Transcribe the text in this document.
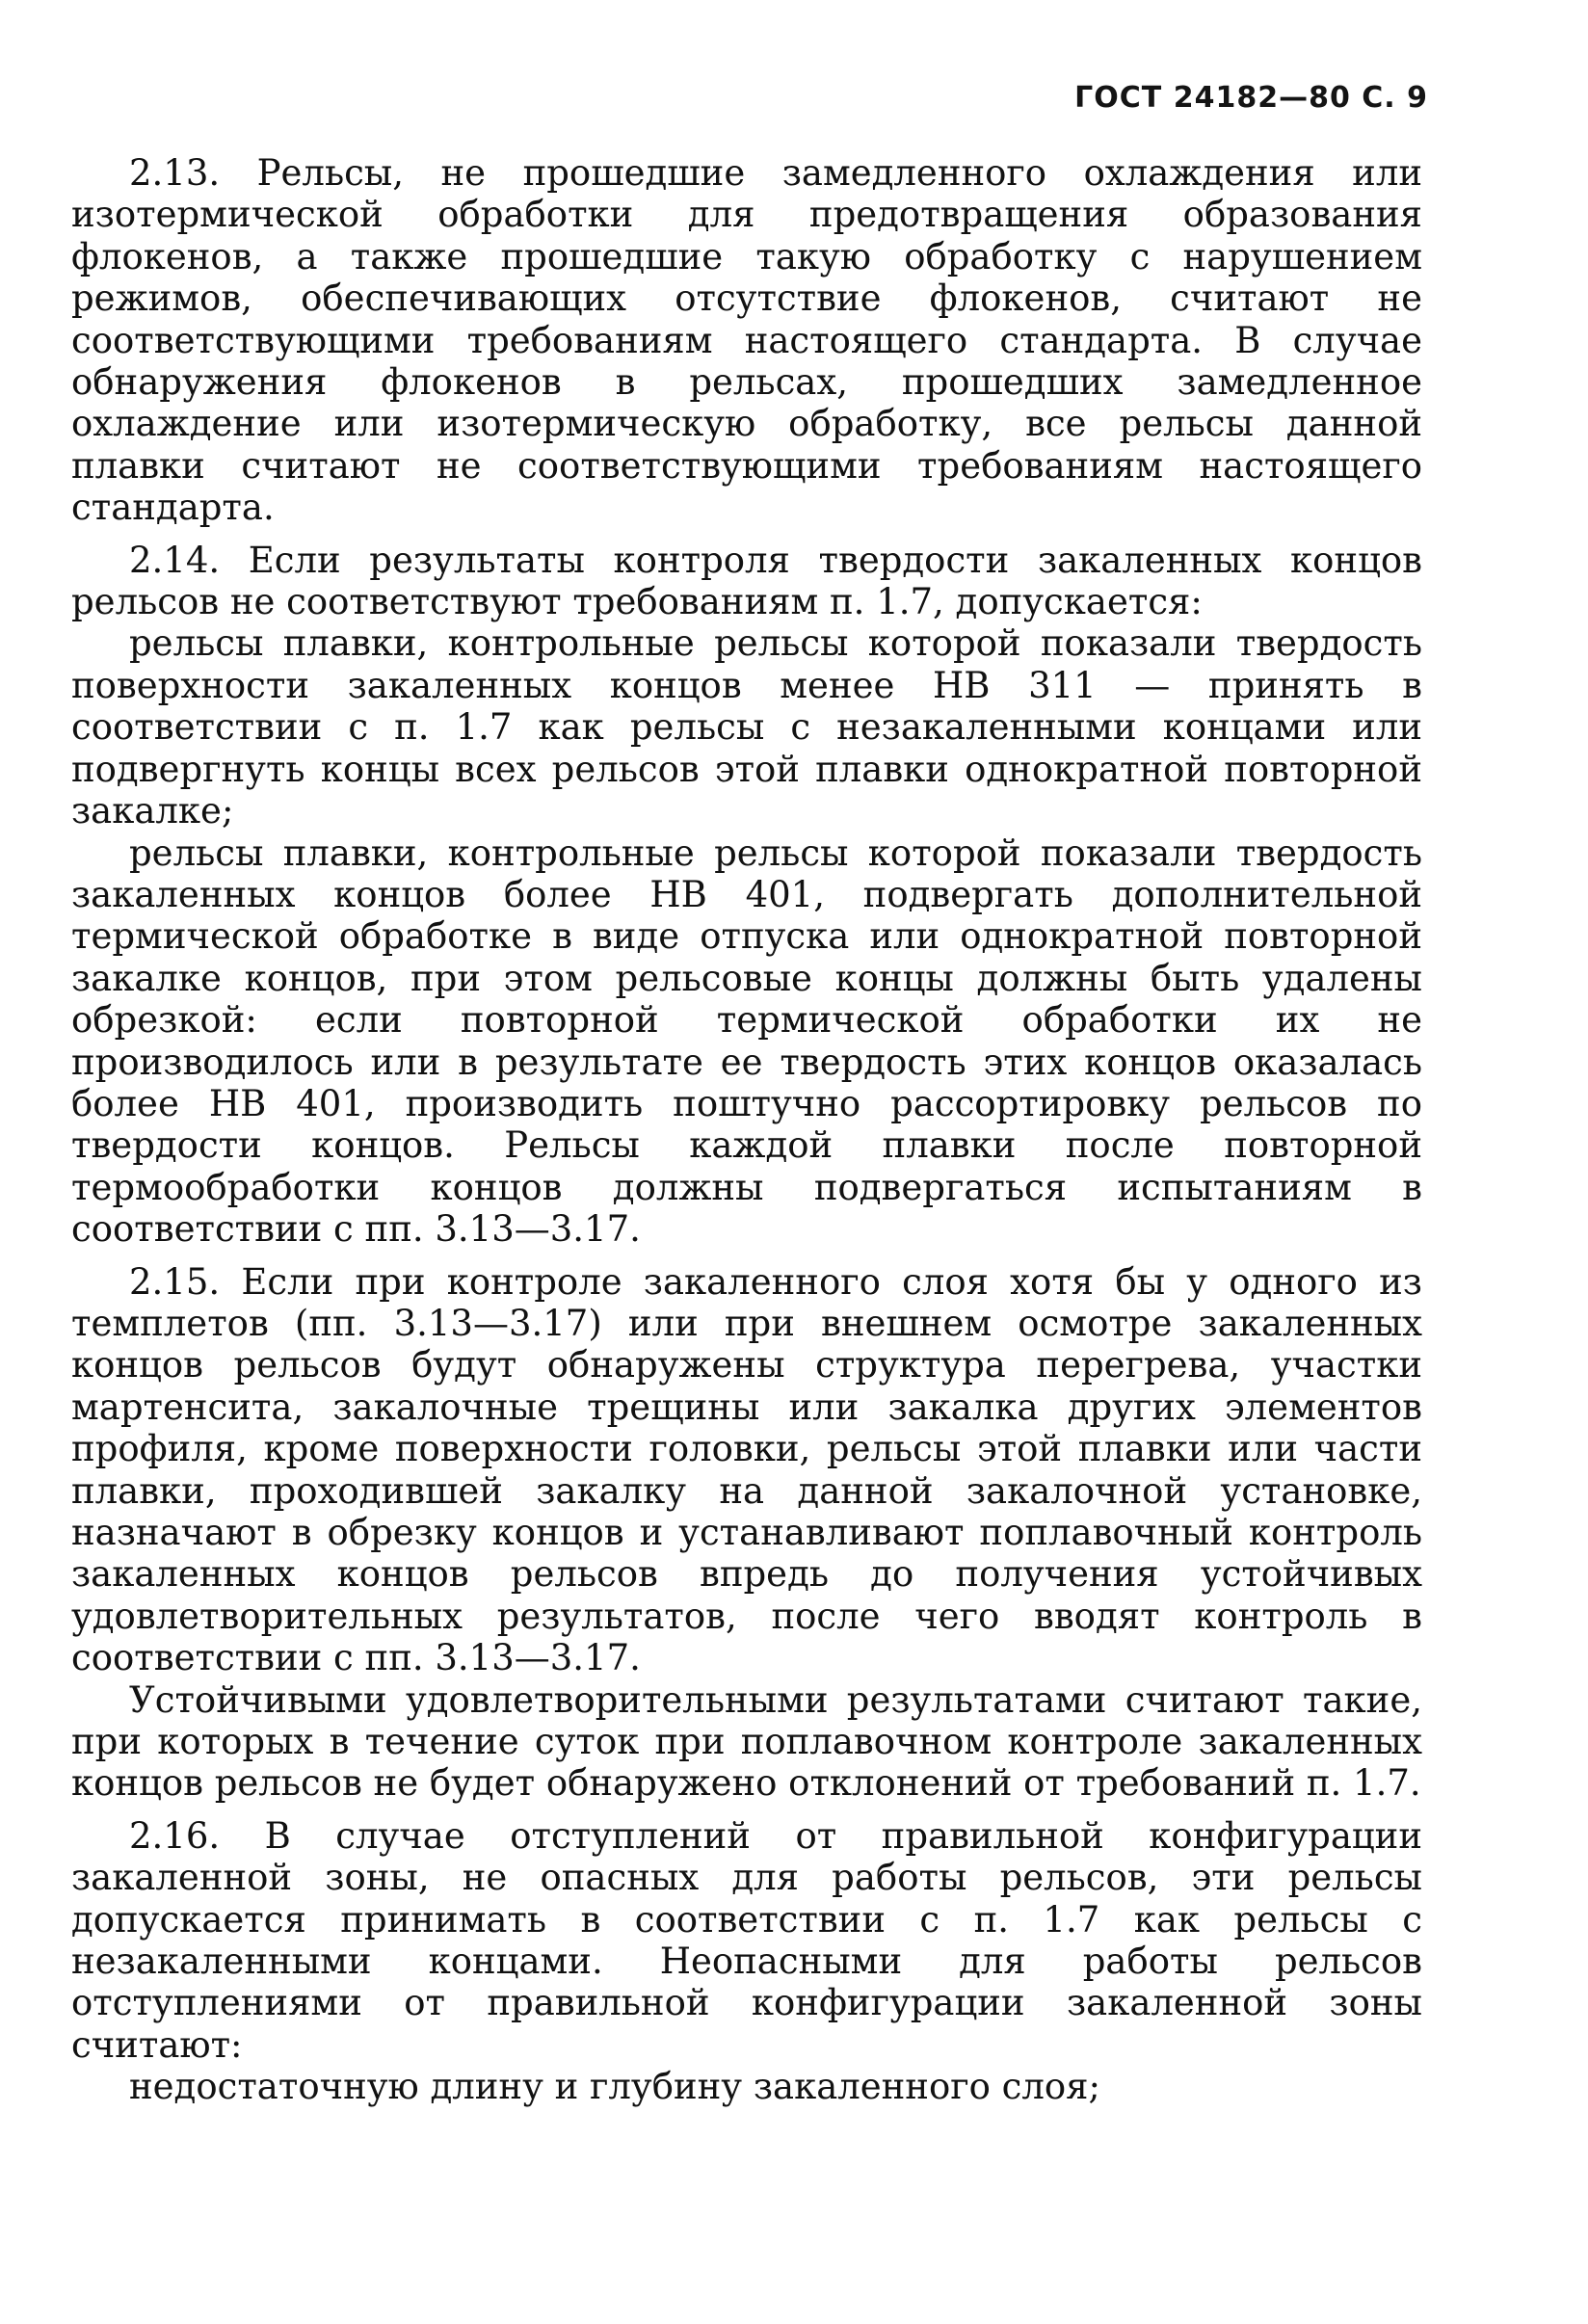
ГОСТ 24182—80 С. 9

2.13. Рельсы, не прошедшие замедленного охлаждения или изотермической обработки для предотвращения образования флокенов, а также прошедшие такую обработку с нарушением режимов, обеспечивающих отсутствие флокенов, считают не соответствующими требованиям настоящего стандарта. В случае обнаружения флокенов в рельсах, прошедших замедленное охлаждение или изотермическую обработку, все рельсы данной плавки считают не соответствующими требованиям настоящего стандарта.

2.14. Если результаты контроля твердости закаленных концов рельсов не соответствуют требованиям п. 1.7, допускается:

рельсы плавки, контрольные рельсы которой показали твердость поверхности закаленных концов менее НВ 311 — принять в соответствии с п. 1.7 как рельсы с незакаленными концами или подвергнуть концы всех рельсов этой плавки однократной повторной закалке;

рельсы плавки, контрольные рельсы которой показали твердость закаленных концов более НВ 401, подвергать дополнительной термической обработке в виде отпуска или однократной повторной закалке концов, при этом рельсовые концы должны быть удалены обрезкой: если повторной термической обработки их не производилось или в результате ее твердость этих концов оказалась более НВ 401, производить поштучно рассортировку рельсов по твердости концов. Рельсы каждой плавки после повторной термообработки концов должны подвергаться испытаниям в соответствии с пп. 3.13—3.17.

2.15. Если при контроле закаленного слоя хотя бы у одного из темплетов (пп. 3.13—3.17) или при внешнем осмотре закаленных концов рельсов будут обнаружены структура перегрева, участки мартенсита, закалочные трещины или закалка других элементов профиля, кроме поверхности головки, рельсы этой плавки или части плавки, проходившей закалку на данной закалочной установке, назначают в обрезку концов и устанавливают поплавочный контроль закаленных концов рельсов впредь до получения устойчивых удовлетворительных результатов, после чего вводят контроль в соответствии с пп. 3.13—3.17.

Устойчивыми удовлетворительными результатами считают такие, при которых в течение суток при поплавочном контроле закаленных концов рельсов не будет обнаружено отклонений от требований п. 1.7.

2.16. В случае отступлений от правильной конфигурации закаленной зоны, не опасных для работы рельсов, эти рельсы допускается принимать в соответствии с п. 1.7 как рельсы с незакаленными концами. Неопасными для работы рельсов отступлениями от правильной конфигурации закаленной зоны считают:

недостаточную длину и глубину закаленного слоя;
